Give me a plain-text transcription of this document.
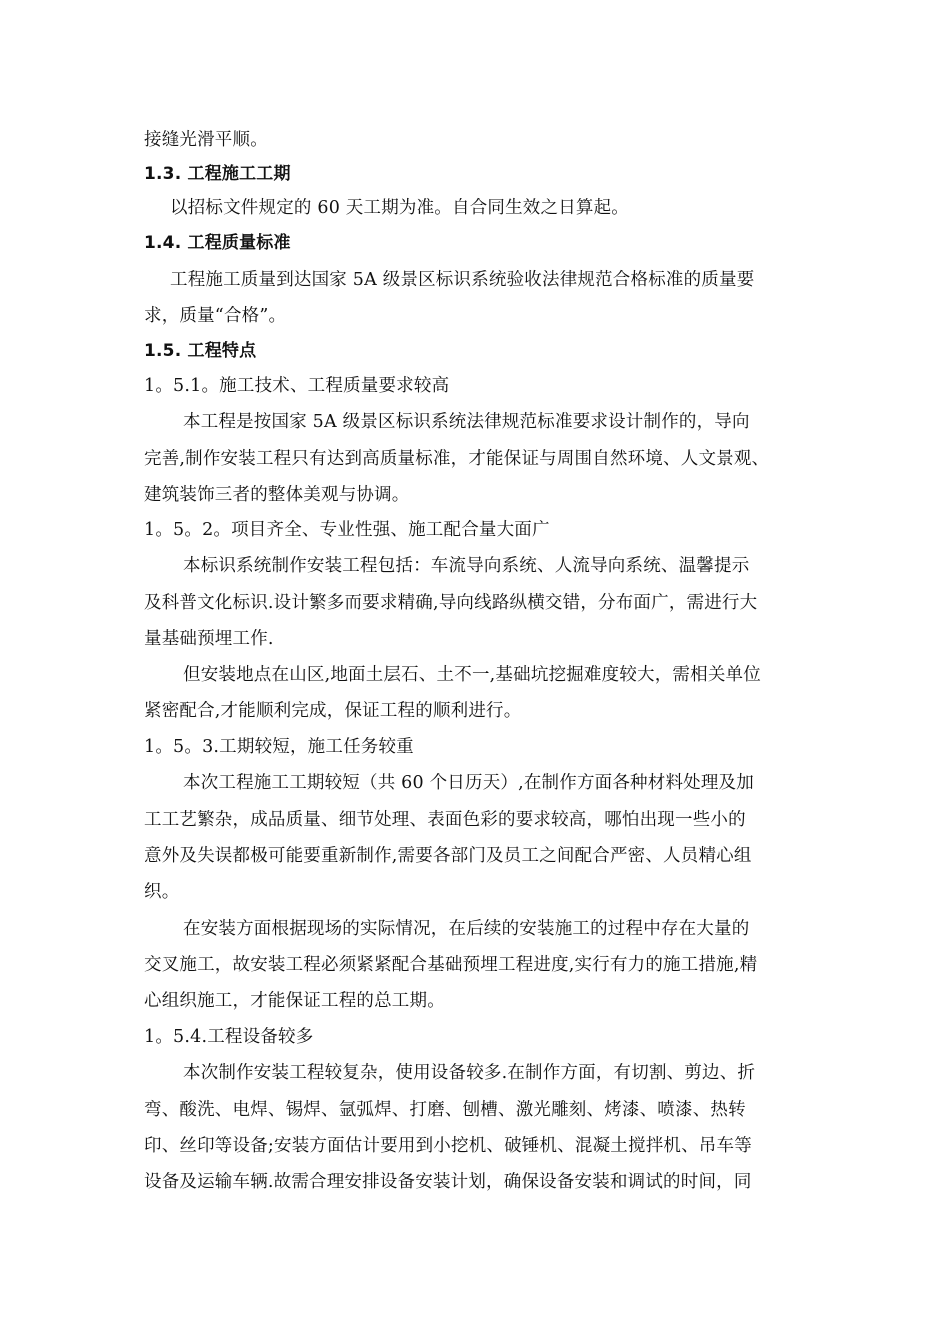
接缝光滑平顺。
1.3. 工程施工工期
以招标文件规定的 60 天工期为准。自合同生效之日算起。
1.4. 工程质量标准
工程施工质量到达国家 5A 级景区标识系统验收法律规范合格标准的质量要
求，质量“合格”。
1.5. 工程特点
1。5.1。施工技术、工程质量要求较高
本工程是按国家 5A 级景区标识系统法律规范标准要求设计制作的，导向
完善,制作安装工程只有达到高质量标准，才能保证与周围自然环境、人文景观、
建筑装饰三者的整体美观与协调。
1。5。2。项目齐全、专业性强、施工配合量大面广
本标识系统制作安装工程包括：车流导向系统、人流导向系统、温馨提示
及科普文化标识.设计繁多而要求精确,导向线路纵横交错，分布面广，需进行大
量基础预埋工作.
但安装地点在山区,地面土层石、土不一,基础坑挖掘难度较大，需相关单位
紧密配合,才能顺利完成，保证工程的顺利进行。
1。5。3.工期较短，施工任务较重
本次工程施工工期较短（共 60 个日历天）,在制作方面各种材料处理及加
工工艺繁杂，成品质量、细节处理、表面色彩的要求较高，哪怕出现一些小的
意外及失误都极可能要重新制作,需要各部门及员工之间配合严密、人员精心组
织。
在安装方面根据现场的实际情况，在后续的安装施工的过程中存在大量的
交叉施工，故安装工程必须紧紧配合基础预埋工程进度,实行有力的施工措施,精
心组织施工，才能保证工程的总工期。
1。5.4.工程设备较多
本次制作安装工程较复杂，使用设备较多.在制作方面，有切割、剪边、折
弯、酸洗、电焊、锡焊、氩弧焊、打磨、刨槽、激光雕刻、烤漆、喷漆、热转
印、丝印等设备;安装方面估计要用到小挖机、破锤机、混凝土搅拌机、吊车等
设备及运输车辆.故需合理安排设备安装计划，确保设备安装和调试的时间，同
